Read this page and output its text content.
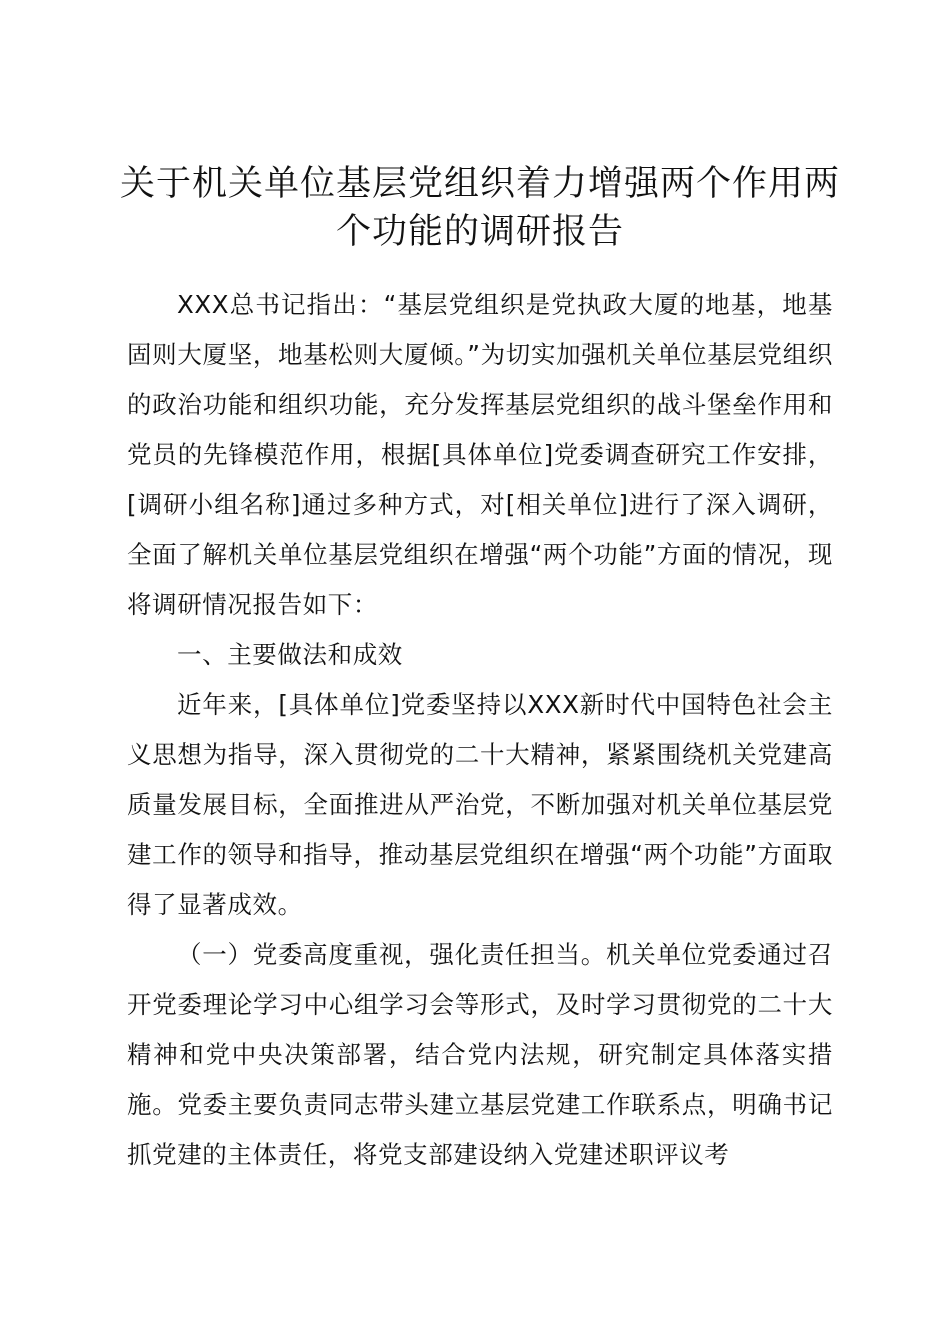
关于机关单位基层党组织着力增强两个作用两个功能的调研报告

XXX总书记指出：“基层党组织是党执政大厦的地基，地基固则大厦坚，地基松则大厦倾。”为切实加强机关单位基层党组织的政治功能和组织功能，充分发挥基层党组织的战斗堡垒作用和党员的先锋模范作用，根据[具体单位]党委调查研究工作安排，[调研小组名称]通过多种方式，对[相关单位]进行了深入调研，全面了解机关单位基层党组织在增强“两个功能”方面的情况，现将调研情况报告如下：

一、主要做法和成效

近年来，[具体单位]党委坚持以XXX新时代中国特色社会主义思想为指导，深入贯彻党的二十大精神，紧紧围绕机关党建高质量发展目标，全面推进从严治党，不断加强对机关单位基层党建工作的领导和指导，推动基层党组织在增强“两个功能”方面取得了显著成效。

（一）党委高度重视，强化责任担当。机关单位党委通过召开党委理论学习中心组学习会等形式，及时学习贯彻党的二十大精神和党中央决策部署，结合党内法规，研究制定具体落实措施。党委主要负责同志带头建立基层党建工作联系点，明确书记抓党建的主体责任，将党支部建设纳入党建述职评议考
